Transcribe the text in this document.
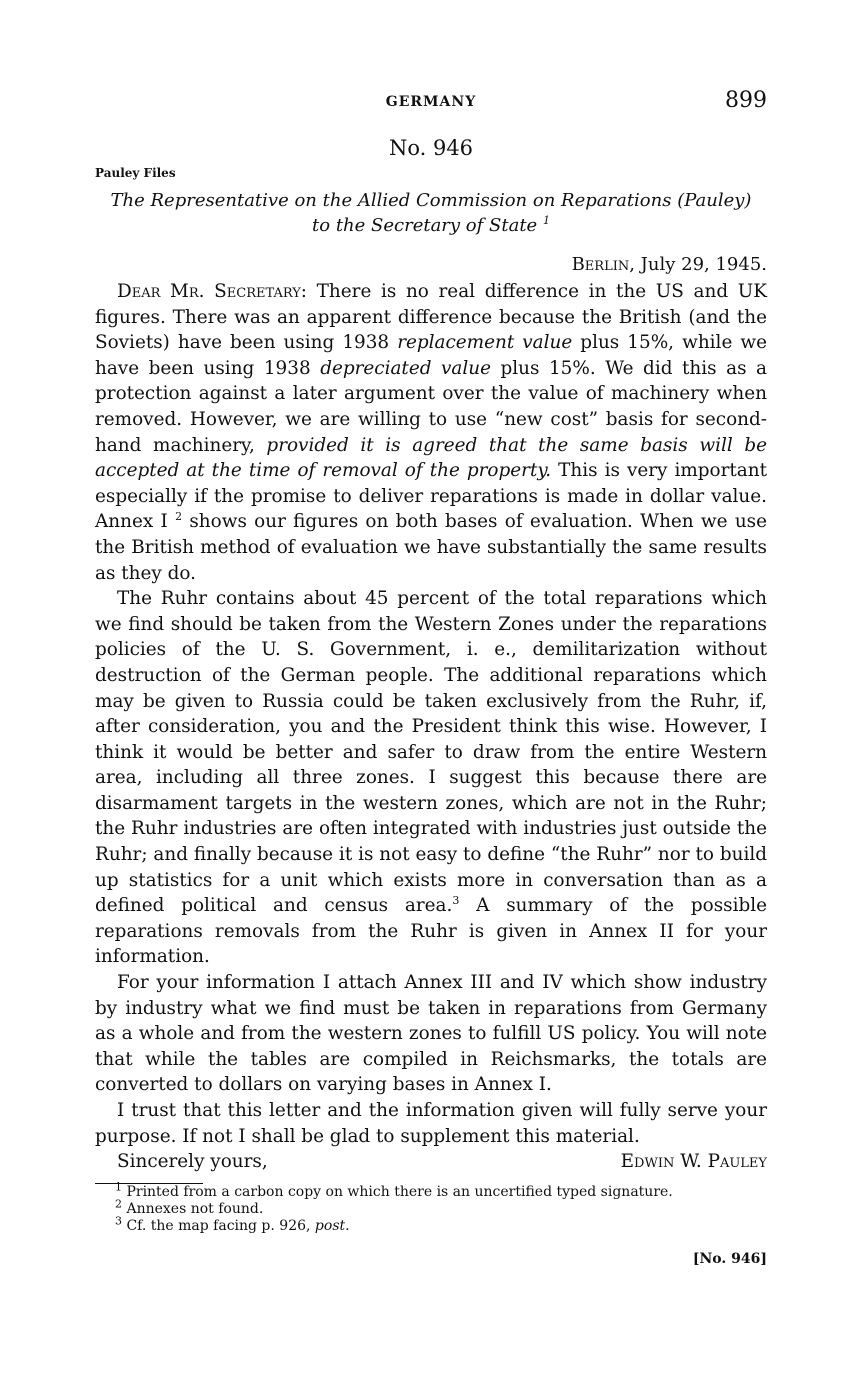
GERMANY	899
No. 946
Pauley Files
The Representative on the Allied Commission on Reparations (Pauley)
to the Secretary of State $^1$
Berlin, July 29, 1945.

Dear Mr. Secretary: There is no real difference in the US and UK figures. There was an apparent difference because the British (and the Soviets) have been using 1938 replacement value plus 15%, while we have been using 1938 depreciated value plus 15%. We did this as a protection against a later argument over the value of machinery when removed. However, we are willing to use “new cost” basis for second-hand machinery, provided it is agreed that the same basis will be accepted at the time of removal of the property. This is very important especially if the promise to deliver reparations is made in dollar value. Annex I $^2$ shows our figures on both bases of evaluation. When we use the British method of evaluation we have substantially the same results as they do.

The Ruhr contains about 45 percent of the total reparations which we find should be taken from the Western Zones under the reparations policies of the U. S. Government, i. e., demilitarization without destruction of the German people. The additional reparations which may be given to Russia could be taken exclusively from the Ruhr, if, after consideration, you and the President think this wise. However, I think it would be better and safer to draw from the entire Western area, including all three zones. I suggest this because there are disarmament targets in the western zones, which are not in the Ruhr; the Ruhr industries are often integrated with industries just outside the Ruhr; and finally because it is not easy to define “the Ruhr” nor to build up statistics for a unit which exists more in conversation than as a defined political and census area.$^3$ A summary of the possible reparations removals from the Ruhr is given in Annex II for your information.

For your information I attach Annex III and IV which show industry by industry what we find must be taken in reparations from Germany as a whole and from the western zones to fulfill US policy. You will note that while the tables are compiled in Reichsmarks, the totals are converted to dollars on varying bases in Annex I.

I trust that this letter and the information given will fully serve your purpose. If not I shall be glad to supplement this material.

Sincerely yours,	Edwin W. Pauley
$^1$ Printed from a carbon copy on which there is an uncertified typed signature.
$^2$ Annexes not found.
$^3$ Cf. the map facing p. 926, post.
[No. 946]
